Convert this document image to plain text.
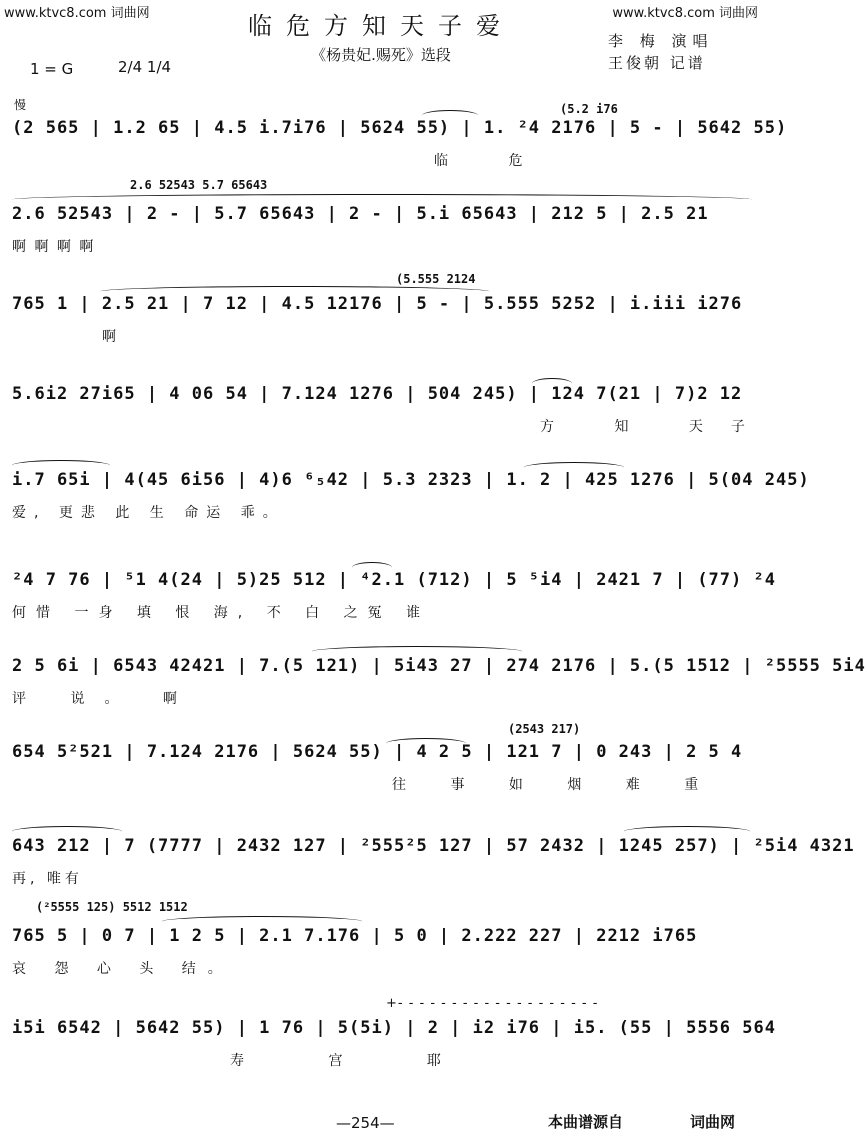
www.ktvc8.com 词曲网	www.ktvc8.com 词曲网
临危方知天子爱
《杨贵妃.赐死》选段
李 梅 演唱
王俊朝 记谱
1 = G	2/4 1/4
慢	(5.2 i76
(2 565 | 1.2 65 | 4.5 i.7i76 | 5624 55) | 1. ²4 2176 | 5 - | 5642 55)
临 危
2.6 52543 5.7 65643
2.6 52543 | 2 - | 5.7 65643 | 2 - | 5.i 65643 | 212 5 | 2.5 21
啊 啊 啊 啊
(5.555 2124
765 1 | 2.5 21 | 7 12 | 4.5 12176 | 5 - | 5.555 5252 | i.iii i276
啊
5.6i2 27i65 | 4 06 54 | 7.124 1276 | 504 245) | 124 7(21 | 7)2 12
方 知 天子
i.7 65i | 4(45 6i56 | 4)6 ⁶₅42 | 5.3 2323 | 1. 2 | 425 1276 | 5(04 245)
爱, 更悲 此 生 命运 乖。
²4 7 76 | ⁵1 4(24 | 5)25 512 | ⁴2.1 (712) | 5 ⁵i4 | 2421 7 | (77) ²4
何惜 一身 填 恨 海, 不 白 之冤 谁
2 5 6i | 6543 42421 | 7.(5 121) | 5i43 27 | 274 2176 | 5.(5 1512 | ²5555 5i4
评 说。 啊
(2543 217)
654 5²521 | 7.124 2176 | 5624 55) | 4 2 5 | 121 7 | 0 243 | 2 5 4
往 事 如 烟 难 重
643 212 | 7 (7777 | 2432 127 | ²555²5 127 | 57 2432 | 1245 257) | ²5i4 4321
再, 唯有
(²5555 125) 5512 1512
765 5 | 0 7 | 1 2 5 | 2.1 7.176 | 5 0 | 2.222 227 | 2212 i765
哀 怨 心 头 结。
+- - - - - - - - - - - - - - - - - - -
i5i 6542 | 5642 55) | 1 76 | 5(5i) | 2 | i2 i76 | i5. (55 | 5556 564
寿 宫 耶
—254—	本曲谱源自	词曲网
